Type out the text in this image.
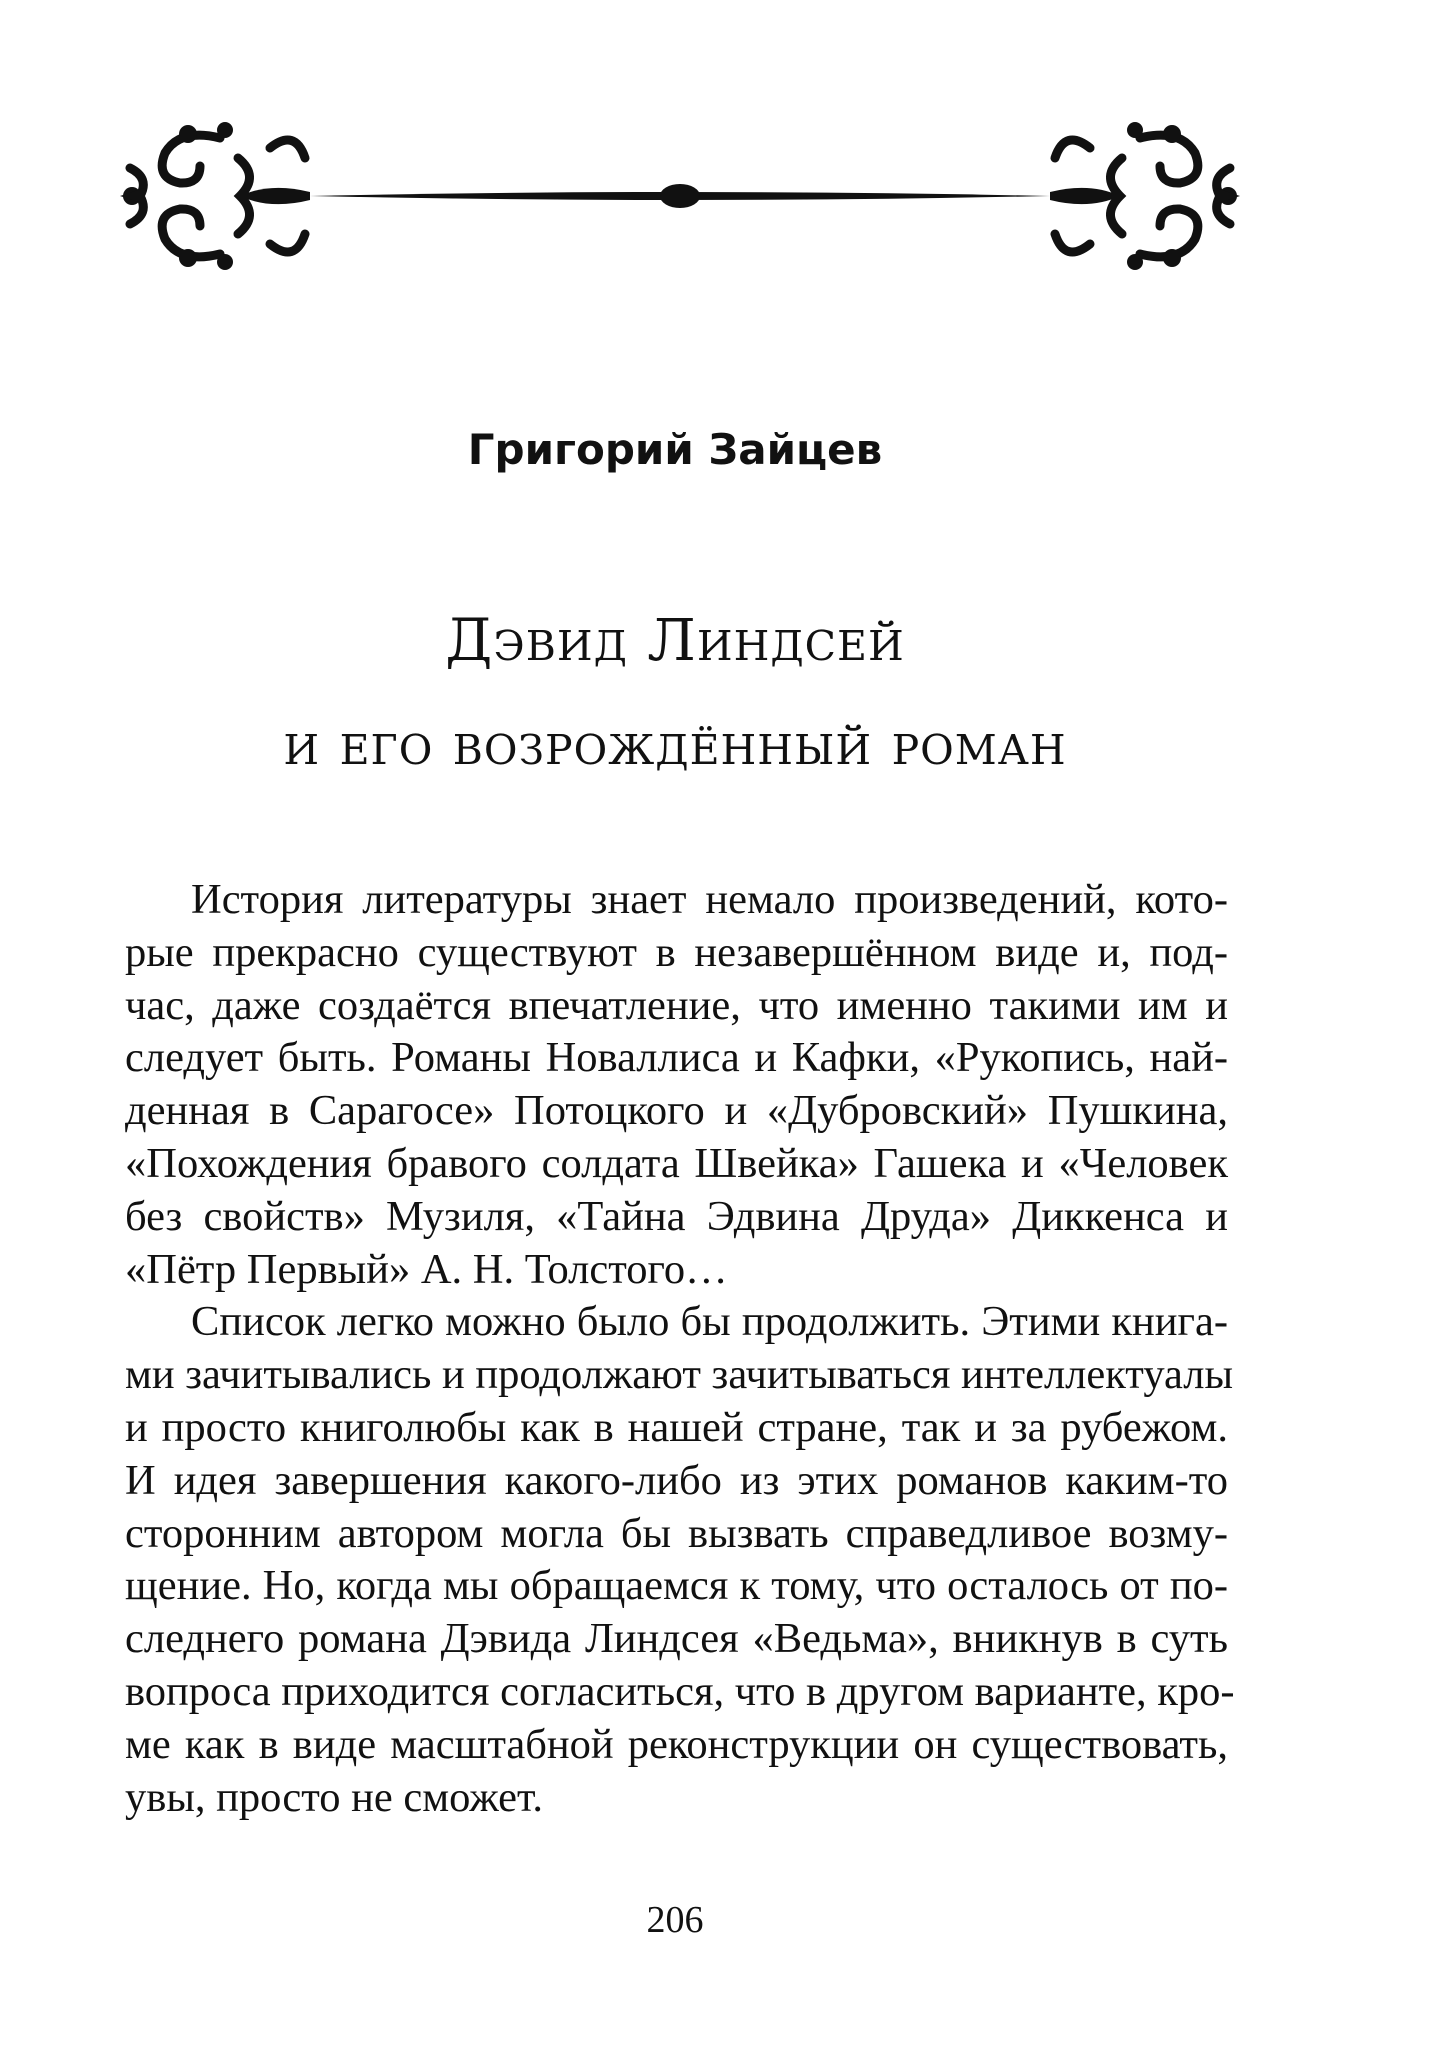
Григорий Зайцев
Дэвид Линдсей
и его возрождённый роман
История литературы знает немало произведений, кото-
рые прекрасно существуют в незавершённом виде и, под-
час, даже создаётся впечатление, что именно такими им и
следует быть. Романы Новаллиса и Кафки, «Рукопись, най-
денная в Сарагосе» Потоцкого и «Дубровский» Пушкина,
«Похождения бравого солдата Швейка» Гашека и «Человек
без свойств» Музиля, «Тайна Эдвина Друда» Диккенса и
«Пётр Первый» А. Н. Толстого…
Список легко можно было бы продолжить. Этими книга-
ми зачитывались и продолжают зачитываться интеллектуалы
и просто книголюбы как в нашей стране, так и за рубежом.
И идея завершения какого-либо из этих романов каким-то
сторонним автором могла бы вызвать справедливое возму-
щение. Но, когда мы обращаемся к тому, что осталось от по-
следнего романа Дэвида Линдсея «Ведьма», вникнув в суть
вопроса приходится согласиться, что в другом варианте, кро-
ме как в виде масштабной реконструкции он существовать,
увы, просто не сможет.
206
